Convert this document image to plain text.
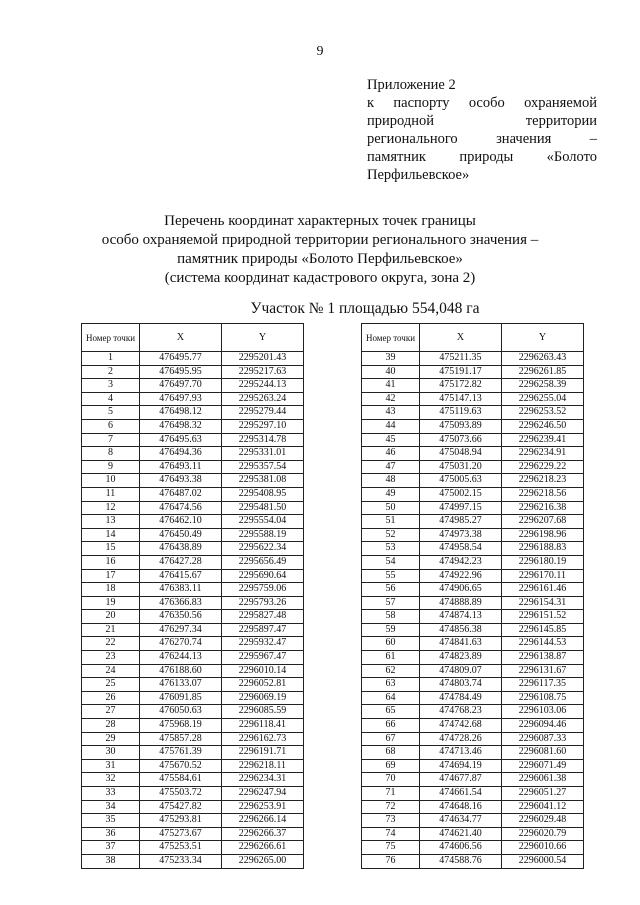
9
Приложение 2
к паспорту особо охраняемой
природной	территории
регионального	значения	–
памятник природы «Болото
Перфильевское»
Перечень координат характерных точек границы
особо охраняемой природной территории регионального значения –
памятник природы «Болото Перфильевское»
(система координат кадастрового округа, зона 2)
Участок № 1 площадью 554,048 га
Номер точки	X	Y
1	476495.77	2295201.43
2	476495.95	2295217.63
3	476497.70	2295244.13
4	476497.93	2295263.24
5	476498.12	2295279.44
6	476498.32	2295297.10
7	476495.63	2295314.78
8	476494.36	2295331.01
9	476493.11	2295357.54
10	476493.38	2295381.08
11	476487.02	2295408.95
12	476474.56	2295481.50
13	476462.10	2295554.04
14	476450.49	2295588.19
15	476438.89	2295622.34
16	476427.28	2295656.49
17	476415.67	2295690.64
18	476383.11	2295759.06
19	476366.83	2295793.26
20	476350.56	2295827.48
21	476297.34	2295897.47
22	476270.74	2295932.47
23	476244.13	2295967.47
24	476188.60	2296010.14
25	476133.07	2296052.81
26	476091.85	2296069.19
27	476050.63	2296085.59
28	475968.19	2296118.41
29	475857.28	2296162.73
30	475761.39	2296191.71
31	475670.52	2296218.11
32	475584.61	2296234.31
33	475503.72	2296247.94
34	475427.82	2296253.91
35	475293.81	2296266.14
36	475273.67	2296266.37
37	475253.51	2296266.61
38	475233.34	2296265.00
Номер точки	X	Y
39	475211.35	2296263.43
40	475191.17	2296261.85
41	475172.82	2296258.39
42	475147.13	2296255.04
43	475119.63	2296253.52
44	475093.89	2296246.50
45	475073.66	2296239.41
46	475048.94	2296234.91
47	475031.20	2296229.22
48	475005.63	2296218.23
49	475002.15	2296218.56
50	474997.15	2296216.38
51	474985.27	2296207.68
52	474973.38	2296198.96
53	474958.54	2296188.83
54	474942.23	2296180.19
55	474922.96	2296170.11
56	474906.65	2296161.46
57	474888.89	2296154.31
58	474874.13	2296151.52
59	474856.38	2296145.85
60	474841.63	2296144.53
61	474823.89	2296138.87
62	474809.07	2296131.67
63	474803.74	2296117.35
64	474784.49	2296108.75
65	474768.23	2296103.06
66	474742.68	2296094.46
67	474728.26	2296087.33
68	474713.46	2296081.60
69	474694.19	2296071.49
70	474677.87	2296061.38
71	474661.54	2296051.27
72	474648.16	2296041.12
73	474634.77	2296029.48
74	474621.40	2296020.79
75	474606.56	2296010.66
76	474588.76	2296000.54
